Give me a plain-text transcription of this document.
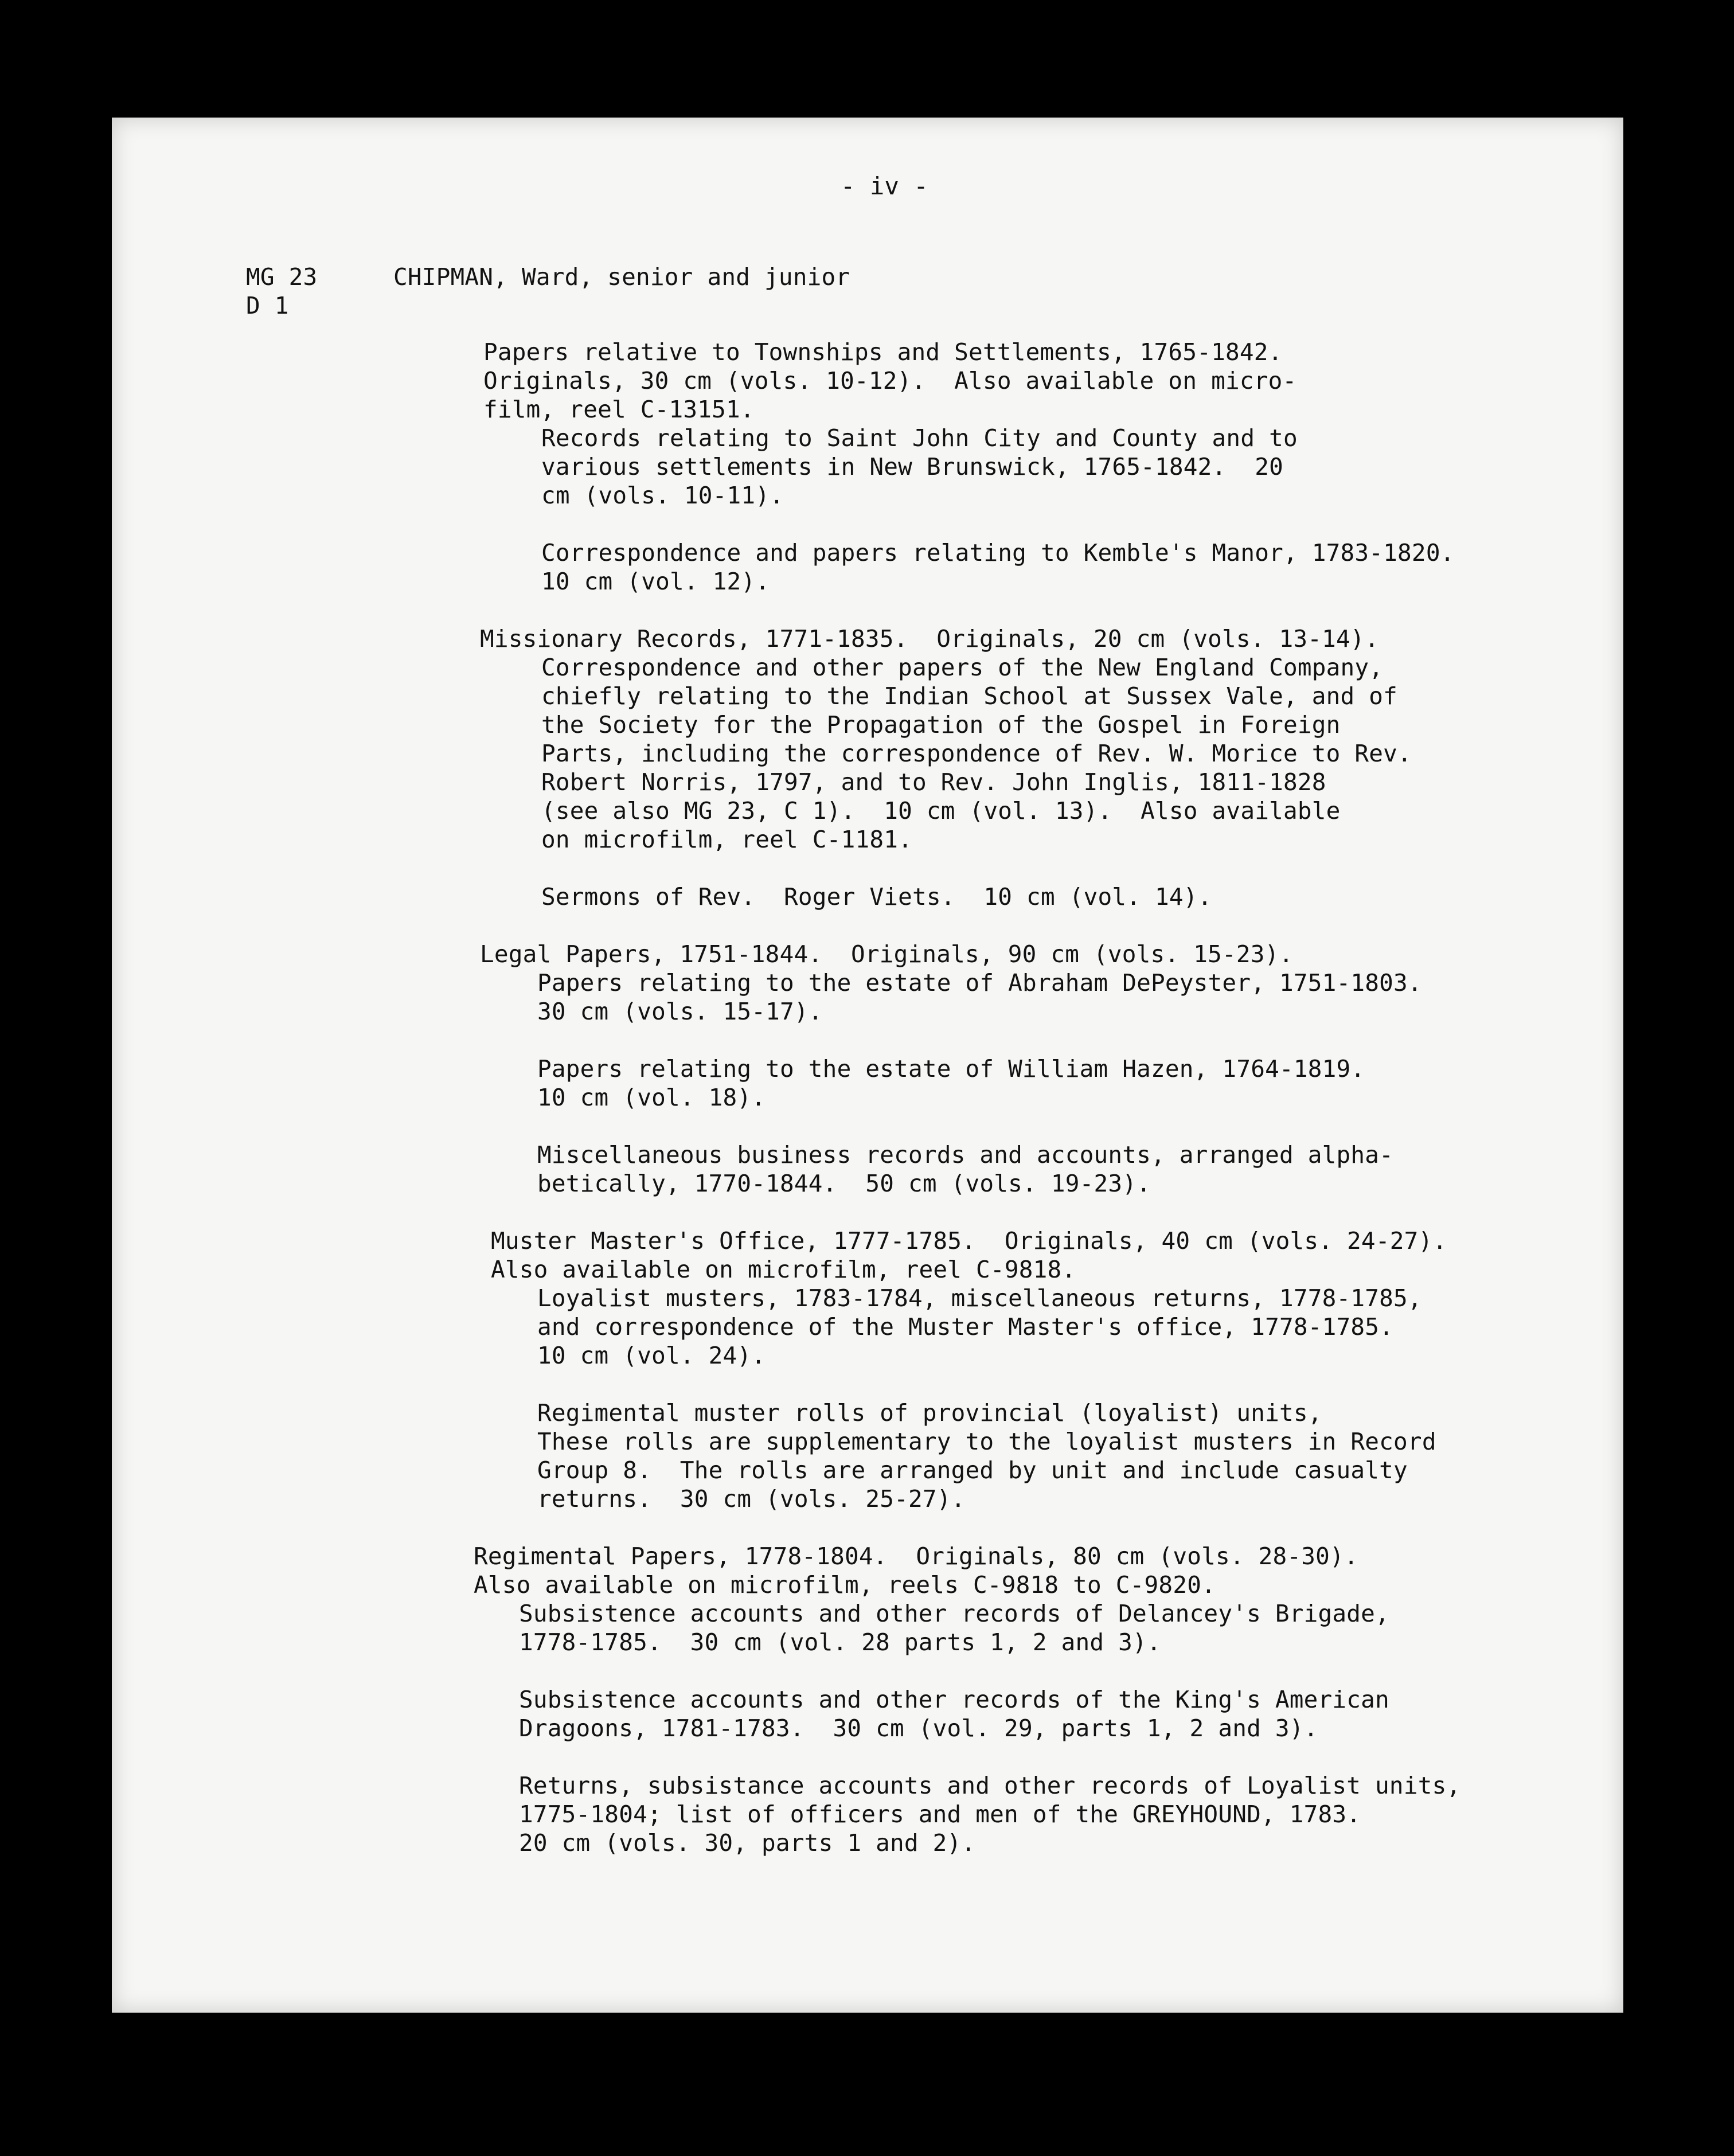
- iv -
MG 23
D 1
CHIPMAN, Ward, senior and junior
Papers relative to Townships and Settlements, 1765-1842.
Originals, 30 cm (vols. 10-12).  Also available on micro-
film, reel C-13151.
Records relating to Saint John City and County and to
various settlements in New Brunswick, 1765-1842.  20
cm (vols. 10-11).
Correspondence and papers relating to Kemble's Manor, 1783-1820.
10 cm (vol. 12).
Missionary Records, 1771-1835.  Originals, 20 cm (vols. 13-14).
Correspondence and other papers of the New England Company,
chiefly relating to the Indian School at Sussex Vale, and of
the Society for the Propagation of the Gospel in Foreign
Parts, including the correspondence of Rev. W. Morice to Rev.
Robert Norris, 1797, and to Rev. John Inglis, 1811-1828
(see also MG 23, C 1).  10 cm (vol. 13).  Also available
on microfilm, reel C-1181.
Sermons of Rev.  Roger Viets.  10 cm (vol. 14).
Legal Papers, 1751-1844.  Originals, 90 cm (vols. 15-23).
Papers relating to the estate of Abraham DePeyster, 1751-1803.
30 cm (vols. 15-17).
Papers relating to the estate of William Hazen, 1764-1819.
10 cm (vol. 18).
Miscellaneous business records and accounts, arranged alpha-
betically, 1770-1844.  50 cm (vols. 19-23).
Muster Master's Office, 1777-1785.  Originals, 40 cm (vols. 24-27).
Also available on microfilm, reel C-9818.
Loyalist musters, 1783-1784, miscellaneous returns, 1778-1785,
and correspondence of the Muster Master's office, 1778-1785.
10 cm (vol. 24).
Regimental muster rolls of provincial (loyalist) units,
These rolls are supplementary to the loyalist musters in Record
Group 8.  The rolls are arranged by unit and include casualty
returns.  30 cm (vols. 25-27).
Regimental Papers, 1778-1804.  Originals, 80 cm (vols. 28-30).
Also available on microfilm, reels C-9818 to C-9820.
Subsistence accounts and other records of Delancey's Brigade,
1778-1785.  30 cm (vol. 28 parts 1, 2 and 3).
Subsistence accounts and other records of the King's American
Dragoons, 1781-1783.  30 cm (vol. 29, parts 1, 2 and 3).
Returns, subsistance accounts and other records of Loyalist units,
1775-1804; list of officers and men of the GREYHOUND, 1783.
20 cm (vols. 30, parts 1 and 2).
